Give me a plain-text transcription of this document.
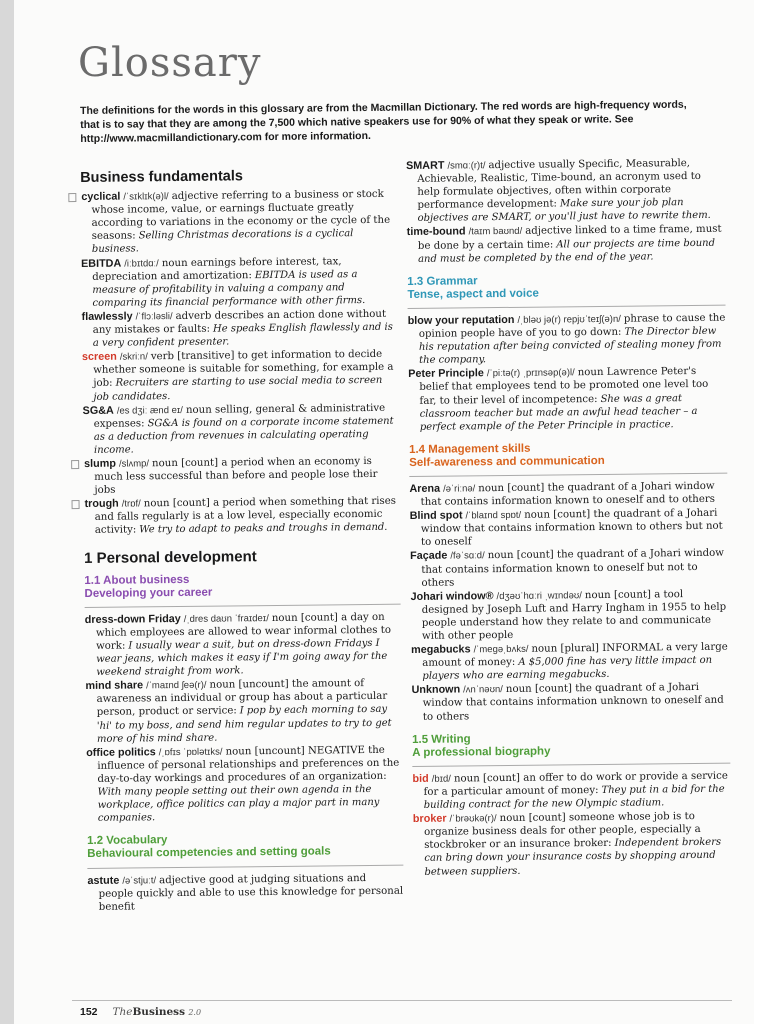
Glossary

The definitions for the words in this glossary are from the Macmillan Dictionary. The red words are high-frequency words, that is to say that they are among the 7,500 which native speakers use for 90% of what they speak or write. See http://www.macmillandictionary.com for more information.

Business fundamentals

cyclical /ˈsɪklɪk(ə)l/ adjective referring to a business or stock whose income, value, or earnings fluctuate greatly according to variations in the economy or the cycle of the seasons: Selling Christmas decorations is a cyclical business.

EBITDA /iːbɪtdɑː/ noun earnings before interest, tax, depreciation and amortization: EBITDA is used as a measure of profitability in valuing a company and comparing its financial performance with other firms.

flawlessly /ˈflɔːləsli/ adverb describes an action done without any mistakes or faults: He speaks English flawlessly and is a very confident presenter.

screen /skriːn/ verb [transitive] to get information to decide whether someone is suitable for something, for example a job: Recruiters are starting to use social media to screen job candidates.

SG&A /es dʒiː ænd eɪ/ noun selling, general & administrative expenses: SG&A is found on a corporate income statement as a deduction from revenues in calculating operating income.

slump /slʌmp/ noun [count] a period when an economy is much less successful than before and people lose their jobs

trough /trɒf/ noun [count] a period when something that rises and falls regularly is at a low level, especially economic activity: We try to adapt to peaks and troughs in demand.

1 Personal development
1.1 About business
Developing your career

dress-down Friday /ˌdres daʊn ˈfraɪdeɪ/ noun [count] a day on which employees are allowed to wear informal clothes to work: I usually wear a suit, but on dress-down Fridays I wear jeans, which makes it easy if I'm going away for the weekend straight from work.

mind share /ˈmaɪnd ʃeə(r)/ noun [uncount] the amount of awareness an individual or group has about a particular person, product or service: I pop by each morning to say 'hi' to my boss, and send him regular updates to try to get more of his mind share.

office politics /ˌɒfɪs ˈpɒlətɪks/ noun [uncount] NEGATIVE the influence of personal relationships and preferences on the day-to-day workings and procedures of an organization: With many people setting out their own agenda in the workplace, office politics can play a major part in many companies.

1.2 Vocabulary
Behavioural competencies and setting goals

astute /əˈstjuːt/ adjective good at judging situations and people quickly and able to use this knowledge for personal benefit

SMART /smɑː(r)t/ adjective usually Specific, Measurable, Achievable, Realistic, Time-bound, an acronym used to help formulate objectives, often within corporate performance development: Make sure your job plan objectives are SMART, or you'll just have to rewrite them.

time-bound /taɪm baʊnd/ adjective linked to a time frame, must be done by a certain time: All our projects are time bound and must be completed by the end of the year.

1.3 Grammar
Tense, aspect and voice

blow your reputation /ˌbləʊ jə(r) repjʊˈteɪʃ(ə)n/ phrase to cause the opinion people have of you to go down: The Director blew his reputation after being convicted of stealing money from the company.

Peter Principle /ˈpiːtə(r) ˌprɪnsəp(ə)l/ noun Lawrence Peter's belief that employees tend to be promoted one level too far, to their level of incompetence: She was a great classroom teacher but made an awful head teacher – a perfect example of the Peter Principle in practice.

1.4 Management skills
Self-awareness and communication

Arena /əˈriːnə/ noun [count] the quadrant of a Johari window that contains information known to oneself and to others

Blind spot /ˈblaɪnd spɒt/ noun [count] the quadrant of a Johari window that contains information known to others but not to oneself

Façade /fəˈsɑːd/ noun [count] the quadrant of a Johari window that contains information known to oneself but not to others

Johari window® /dʒəʊˈhɑːri ˌwɪndəʊ/ noun [count] a tool designed by Joseph Luft and Harry Ingham in 1955 to help people understand how they relate to and communicate with other people

megabucks /ˈmegəˌbʌks/ noun [plural] INFORMAL a very large amount of money: A $5,000 fine has very little impact on players who are earning megabucks.

Unknown /ʌnˈnəʊn/ noun [count] the quadrant of a Johari window that contains information unknown to oneself and to others

1.5 Writing
A professional biography

bid /bɪd/ noun [count] an offer to do work or provide a service for a particular amount of money: They put in a bid for the building contract for the new Olympic stadium.

broker /ˈbrəʊkə(r)/ noun [count] someone whose job is to organize business deals for other people, especially a stockbroker or an insurance broker: Independent brokers can bring down your insurance costs by shopping around between suppliers.

152 TheBusiness 2.0
